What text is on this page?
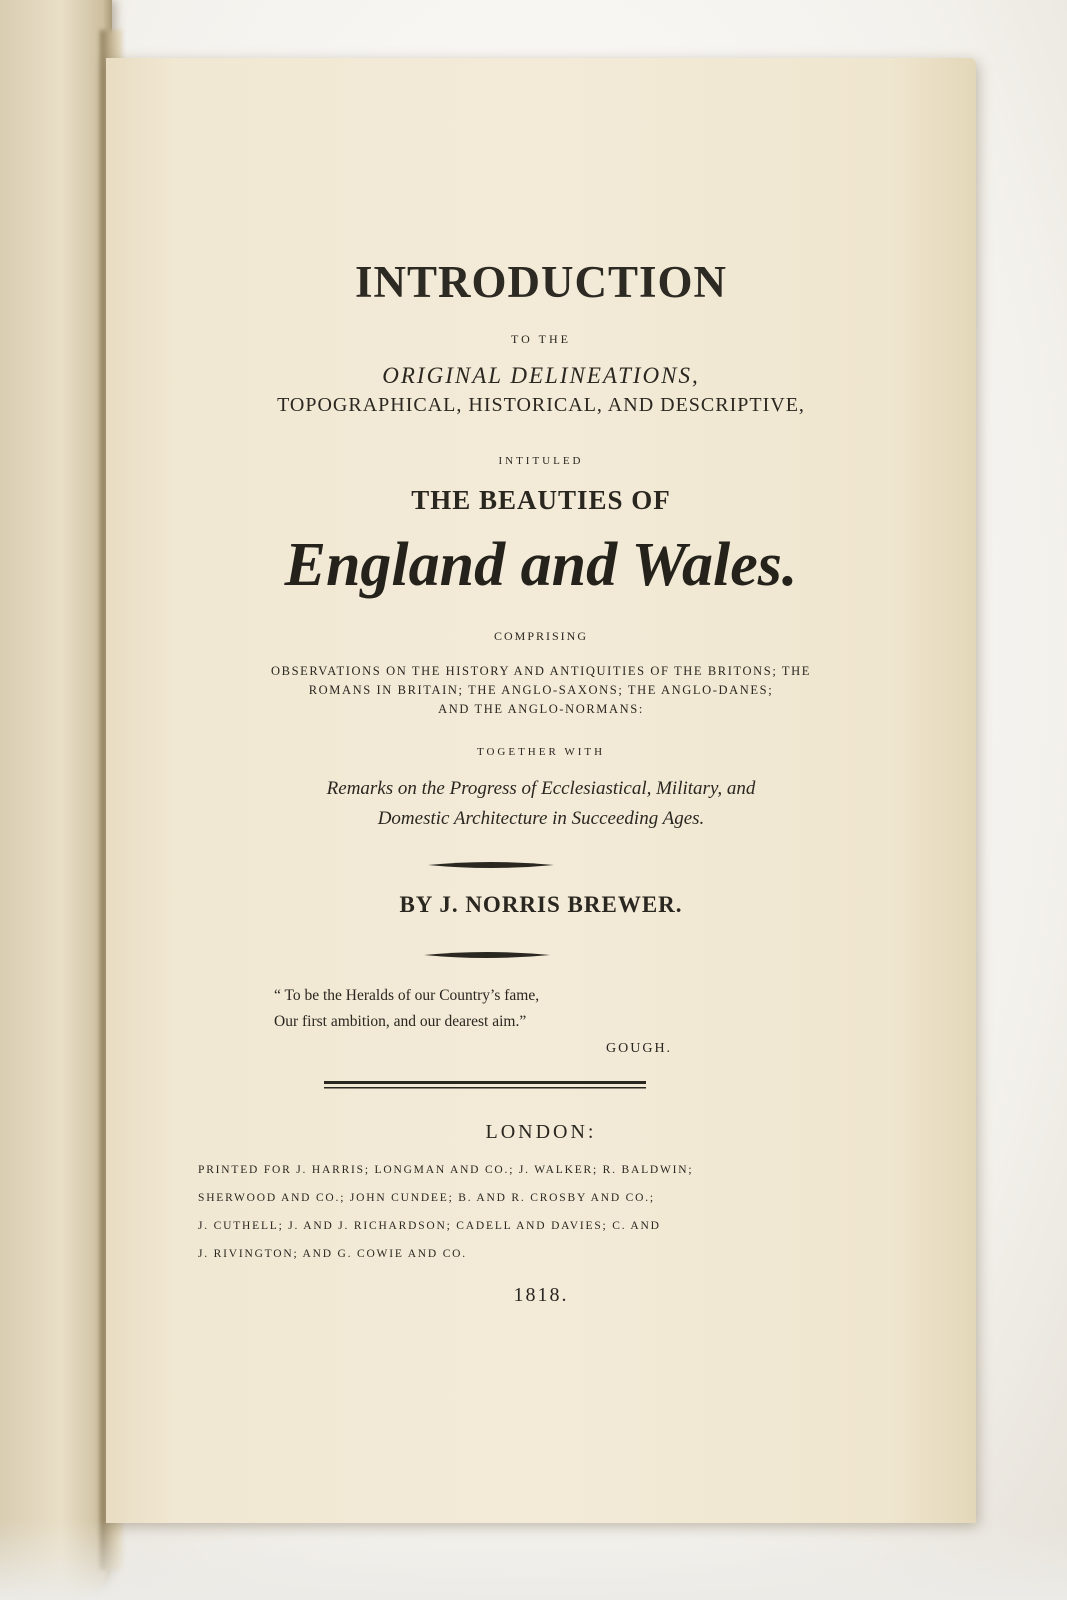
INTRODUCTION
TO THE
ORIGINAL DELINEATIONS,
TOPOGRAPHICAL, HISTORICAL, AND DESCRIPTIVE,
INTITULED
THE BEAUTIES OF
England and Wales.
COMPRISING
OBSERVATIONS ON THE HISTORY AND ANTIQUITIES OF THE BRITONS; THE
ROMANS IN BRITAIN; THE ANGLO-SAXONS; THE ANGLO-DANES;
AND THE ANGLO-NORMANS:
TOGETHER WITH
Remarks on the Progress of Ecclesiastical, Military, and
Domestic Architecture in Succeeding Ages.
BY J. NORRIS BREWER.
“ To be the Heralds of our Country’s fame,
Our first ambition, and our dearest aim.”
GOUGH.
LONDON:
PRINTED FOR J. HARRIS; LONGMAN AND CO.; J. WALKER; R. BALDWIN;
SHERWOOD AND CO.; JOHN CUNDEE; B. AND R. CROSBY AND CO.;
J. CUTHELL; J. AND J. RICHARDSON; CADELL AND DAVIES; C. AND
J. RIVINGTON; AND G. COWIE AND CO.
1818.
